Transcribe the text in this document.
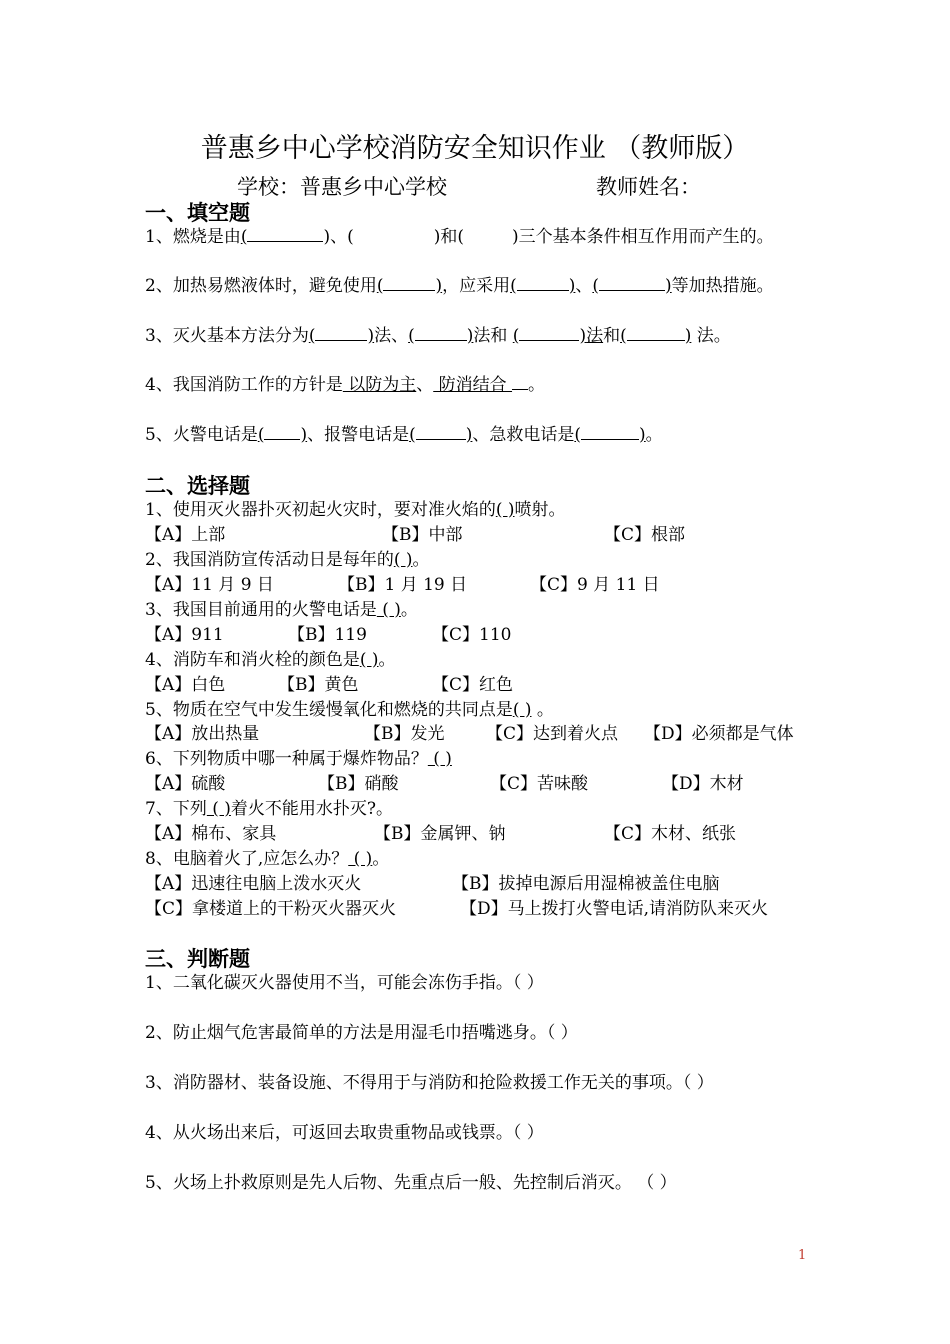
普惠乡中心学校消防安全知识作业 （教师版）
学校：普惠乡中心学校	教师姓名：
一、填空题
1、燃烧是由(	)、(	)和(	)三个基本条件相互作用而产生的。
2、加热易燃液体时，避免使用(	)，应采用(	)、(	)等加热措施。
3、灭火基本方法分为(	)法、(	)法和 (	)法和(	) 法。
4、我国消防工作的方针是 以防为主、 防消结合 。
5、火警电话是( )、报警电话是(	)、急救电话是(	)。
二、选择题
1、使用灭火器扑灭初起火灾时，要对准火焰的( )喷射。
【A】上部	【B】中部	【C】根部
2、我国消防宣传活动日是每年的( )。
【A】11 月 9 日	【B】1 月 19 日	【C】9 月 11 日
3、我国目前通用的火警电话是 ( )。
【A】911	【B】119	【C】110
4、消防车和消火栓的颜色是( )。
【A】白色	【B】黄色	【C】红色
5、物质在空气中发生缓慢氧化和燃烧的共同点是( ) 。
【A】放出热量	【B】发光 【C】达到着火点 【D】必须都是气体
6、下列物质中哪一种属于爆炸物品？ ( )
【A】硫酸	【B】硝酸	【C】苦味酸	【D】木材
7、下列 ( )着火不能用水扑灭?。
【A】棉布、家具	【B】金属钾、钠	【C】木材、纸张
8、电脑着火了,应怎么办？ ( )。
【A】迅速往电脑上泼水灭火	【B】拔掉电源后用湿棉被盖住电脑
【C】拿楼道上的干粉灭火器灭火	【D】马上拨打火警电话,请消防队来灭火
三、判断题
1、二氧化碳灭火器使用不当，可能会冻伤手指。（ ）
2、防止烟气危害最简单的方法是用湿毛巾捂嘴逃身。（ ）
3、消防器材、装备设施、不得用于与消防和抢险救援工作无关的事项。（ ）
4、从火场出来后，可返回去取贵重物品或钱票。（ ）
5、火场上扑救原则是先人后物、先重点后一般、先控制后消灭。 （ ）
1
